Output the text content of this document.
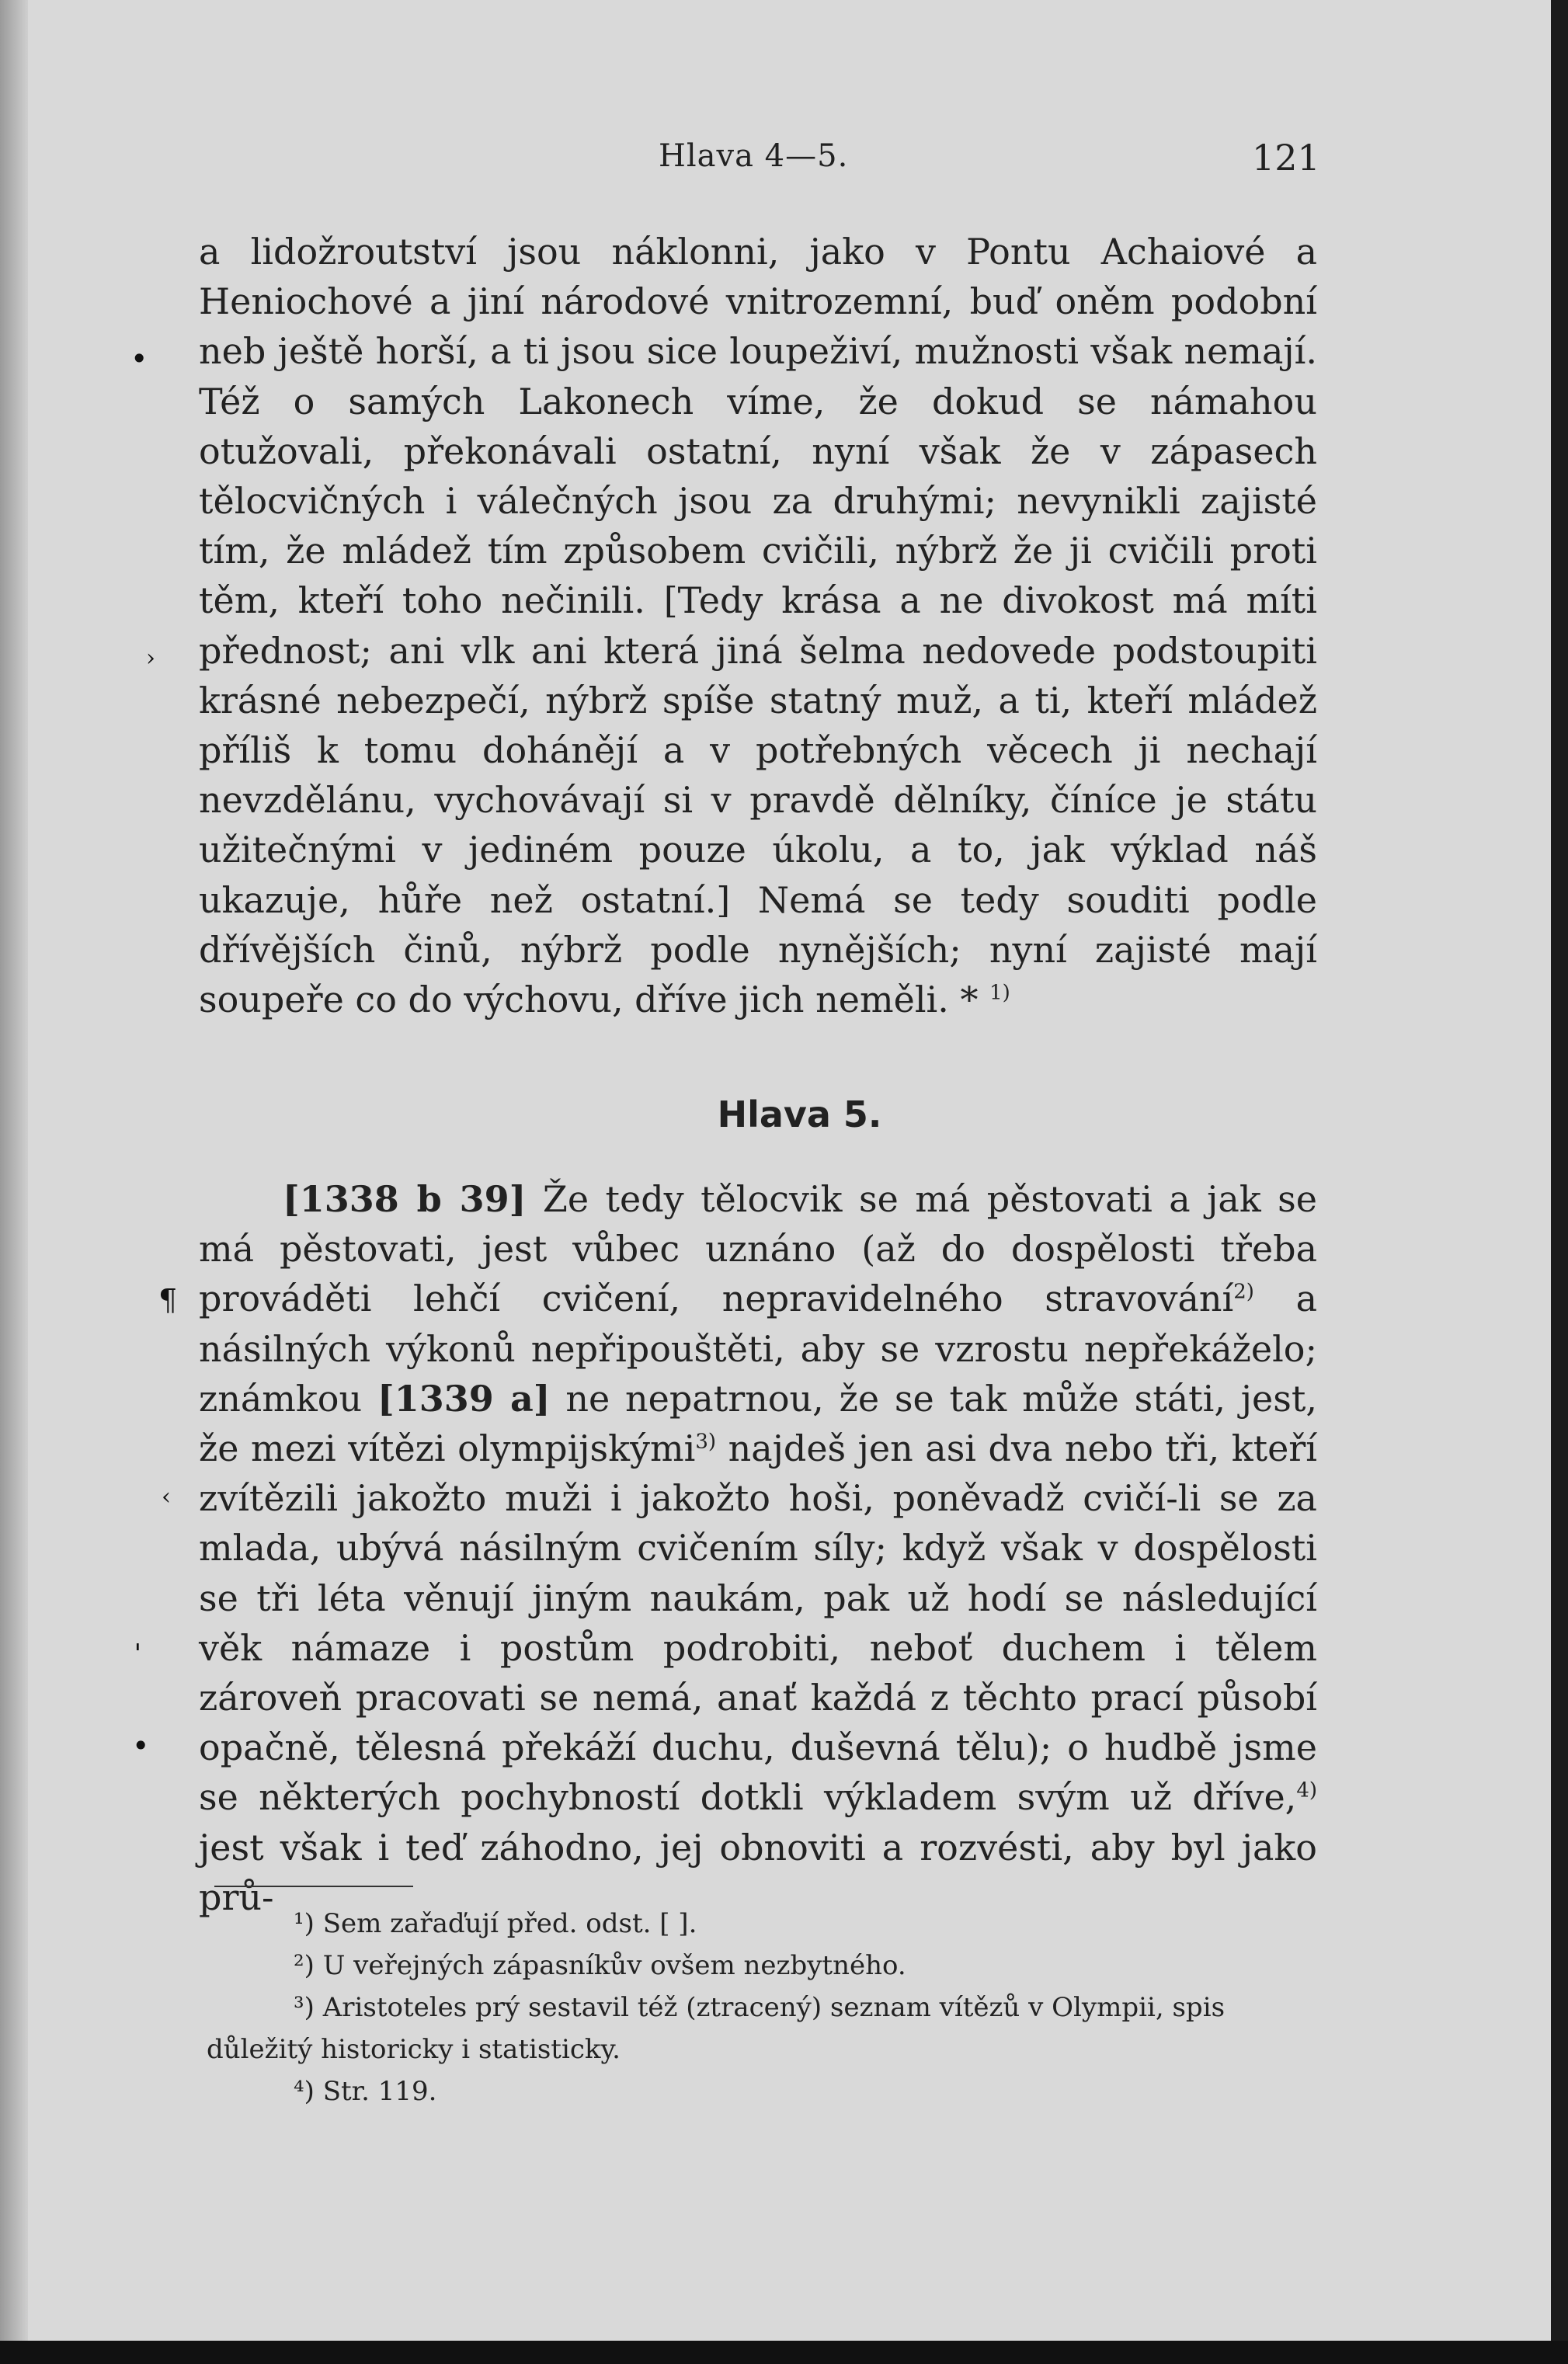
Hlava 4—5.	121

a lidožroutství jsou náklonni, jako v Pontu Achaiové a Heniochové a jiní národové vnitrozemní, buď oněm podobní neb ještě horší, a ti jsou sice loupeživí, mužnosti však nemají. Též o samých Lakonech víme, že dokud se námahou otužovali, překonávali ostatní, nyní však že v zápasech tělocvičných i válečných jsou za druhými; nevynikli zajisté tím, že mládež tím způsobem cvičili, nýbrž že ji cvičili proti těm, kteří toho nečinili. [Tedy krása a ne divokost má míti přednost; ani vlk ani která jiná šelma nedovede podstoupiti krásné nebezpečí, nýbrž spíše statný muž, a ti, kteří mládež příliš k tomu dohánějí a v potřebných věcech ji nechají nevzdělánu, vychovávají si v pravdě dělníky, číníce je státu užitečnými v jediném pouze úkolu, a to, jak výklad náš ukazuje, hůře než ostatní.] Nemá se tedy souditi podle dřívějších činů, nýbrž podle nynějších; nyní zajisté mají soupeře co do výchovu, dříve jich neměli. * $^{1)}$

Hlava 5.

[1338 b 39] Že tedy tělocvik se má pěstovati a jak se má pěstovati, jest vůbec uznáno (až do dospělosti třeba prováděti lehčí cvičení, nepravidelného stravování$^{2)}$ a násilných výkonů nepřipouštěti, aby se vzrostu nepřekáželo; známkou [1339 a] ne nepatrnou, že se tak může státi, jest, že mezi vítězi olympijskými$^{3)}$ najdeš jen asi dva nebo tři, kteří zvítězili jakožto muži i jakožto hoši, poněvadž cvičí-li se za mlada, ubývá násilným cvičením síly; když však v dospělosti se tři léta věnují jiným naukám, pak už hodí se následující věk námaze i postům podrobiti, neboť duchem i tělem zároveň pracovati se nemá, anať každá z těchto prací působí opačně, tělesná překáží duchu, duševná tělu); o hudbě jsme se některých pochybností dotkli výkladem svým už dříve,$^{4)}$ jest však i teď záhodno, jej obnoviti a rozvésti, aby byl jako prů-

¹) Sem zařaďují před. odst. [ ].

²) U veřejných zápasníkův ovšem nezbytného.

³) Aristoteles prý sestavil též (ztracený) seznam vítězů v Olympii, spis důležitý historicky i statisticky.

⁴) Str. 119.

•
›
¶
‹
ˈ
•
